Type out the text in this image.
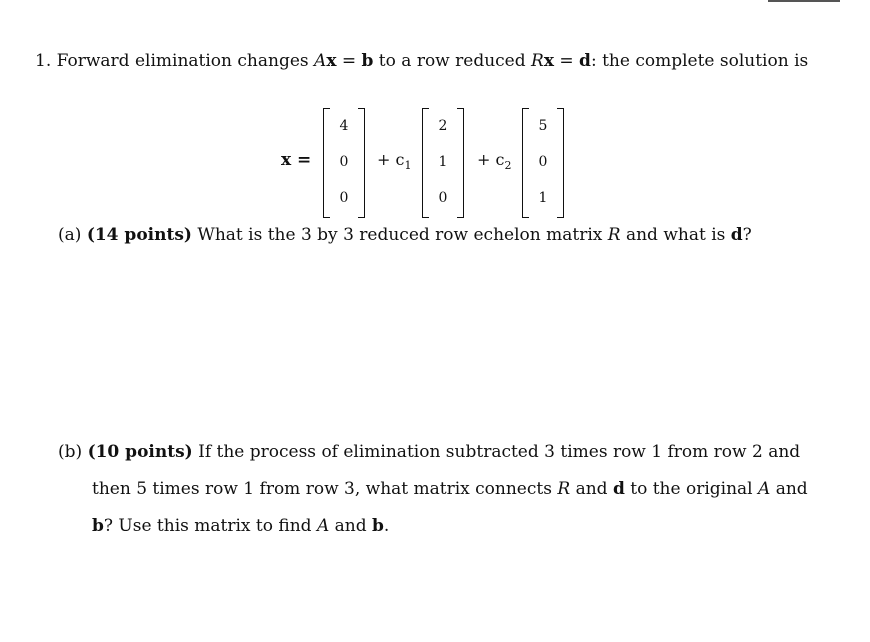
1. Forward elimination changes Ax = b to a row reduced Rx = d: the complete solution is
x =
4
0
0
+ $c_1$
2
1
0
+ $c_2$
5
0
1
(a) (14 points) What is the 3 by 3 reduced row echelon matrix R and what is d?
(b) (10 points) If the process of elimination subtracted 3 times row 1 from row 2 and
then 5 times row 1 from row 3, what matrix connects R and d to the original A and
b? Use this matrix to find A and b.
